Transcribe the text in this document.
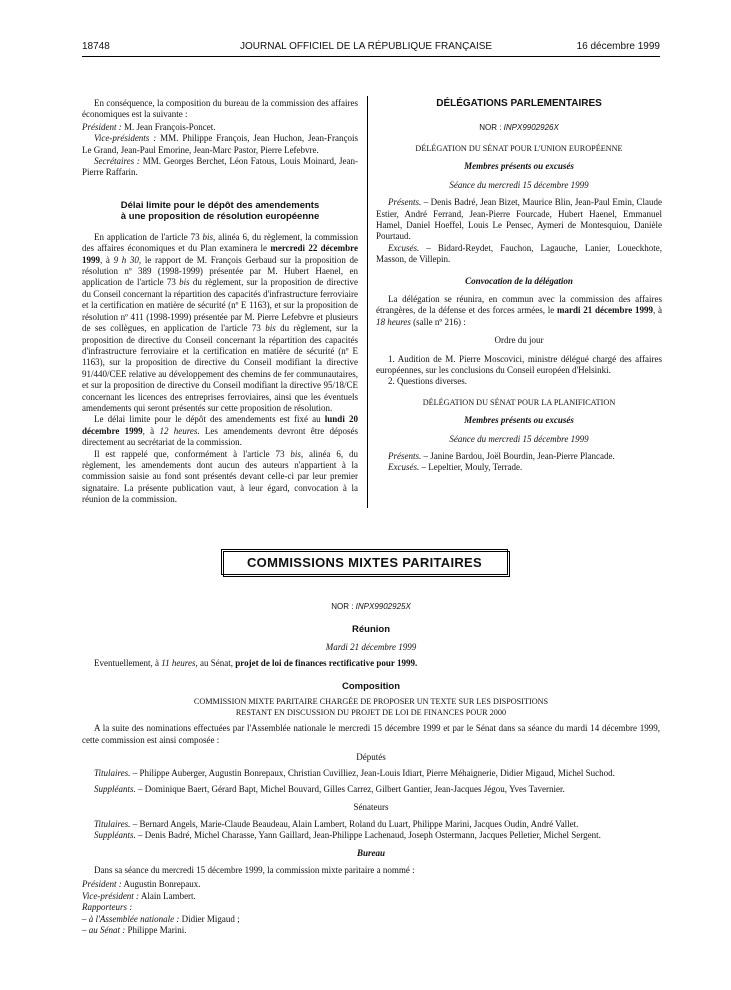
18748	JOURNAL OFFICIEL DE LA RÉPUBLIQUE FRANÇAISE	16 décembre 1999

En conséquence, la composition du bureau de la commission des affaires économiques est la suivante :

Président : M. Jean François-Poncet.

Vice-présidents : MM. Philippe François, Jean Huchon, Jean-François Le Grand, Jean-Paul Emorine, Jean-Marc Pastor, Pierre Lefebvre.

Secrétaires : MM. Georges Berchet, Léon Fatous, Louis Moinard, Jean-Pierre Raffarin.

Délai limite pour le dépôt des amendements
à une proposition de résolution européenne

En application de l'article 73 bis, alinéa 6, du règlement, la commission des affaires économiques et du Plan examinera le mercredi 22 décembre 1999, à 9 h 30, le rapport de M. François Gerbaud sur la proposition de résolution nº 389 (1998-1999) présentée par M. Hubert Haenel, en application de l'article 73 bis du règlement, sur la proposition de directive du Conseil concernant la répartition des capacités d'infrastructure ferroviaire et la certification en matière de sécurité (nº E 1163), et sur la proposition de résolution nº 411 (1998-1999) présentée par M. Pierre Lefebvre et plusieurs de ses collègues, en application de l'article 73 bis du règlement, sur la proposition de directive du Conseil concernant la répartition des capacités d'infrastructure ferroviaire et la certification en matière de sécurité (nº E 1163), sur la proposition de directive du Conseil modifiant la directive 91/440/CEE relative au développement des chemins de fer communautaires, et sur la proposition de directive du Conseil modifiant la directive 95/18/CE concernant les licences des entreprises ferroviaires, ainsi que les éventuels amendements qui seront présentés sur cette proposition de résolution.

Le délai limite pour le dépôt des amendements est fixé au lundi 20 décembre 1999, à 12 heures. Les amendements devront être déposés directement au secrétariat de la commission.

Il est rappelé que, conformément à l'article 73 bis, alinéa 6, du règlement, les amendements dont aucun des auteurs n'appartient à la commission saisie au fond sont présentés devant celle-ci par leur premier signataire. La présente publication vaut, à leur égard, convocation à la réunion de la commission.

DÉLÉGATIONS PARLEMENTAIRES
NOR : INPX9902926X
DÉLÉGATION DU SÉNAT POUR L'UNION EUROPÉENNE
Membres présents ou excusés
Séance du mercredi 15 décembre 1999

Présents. – Denis Badré, Jean Bizet, Maurice Blin, Jean-Paul Emin, Claude Estier, André Ferrand, Jean-Pierre Fourcade, Hubert Haenel, Emmanuel Hamel, Daniel Hoeffel, Louis Le Pensec, Aymeri de Montesquiou, Danièle Pourtaud.

Excusés. – Bidard-Reydet, Fauchon, Lagauche, Lanier, Loueckhote, Masson, de Villepin.

Convocation de la délégation

La délégation se réunira, en commun avec la commission des affaires étrangères, de la défense et des forces armées, le mardi 21 décembre 1999, à 18 heures (salle nº 216) :

Ordre du jour

1. Audition de M. Pierre Moscovici, ministre délégué chargé des affaires européennes, sur les conclusions du Conseil européen d'Helsinki.

2. Questions diverses.

DÉLÉGATION DU SÉNAT POUR LA PLANIFICATION
Membres présents ou excusés
Séance du mercredi 15 décembre 1999

Présents. – Janine Bardou, Joël Bourdin, Jean-Pierre Plancade.

Excusés. – Lepeltier, Mouly, Terrade.

COMMISSIONS MIXTES PARITAIRES
NOR : INPX9902925X
Réunion
Mardi 21 décembre 1999

Eventuellement, à 11 heures, au Sénat, projet de loi de finances rectificative pour 1999.

Composition
COMMISSION MIXTE PARITAIRE CHARGÉE DE PROPOSER UN TEXTE SUR LES DISPOSITIONS
RESTANT EN DISCUSSION DU PROJET DE LOI DE FINANCES POUR 2000

A la suite des nominations effectuées par l'Assemblée nationale le mercredi 15 décembre 1999 et par le Sénat dans sa séance du mardi 14 décembre 1999, cette commission est ainsi composée :

Députés

Titulaires. – Philippe Auberger, Augustin Bonrepaux, Christian Cuvilliez, Jean-Louis Idiart, Pierre Méhaignerie, Didier Migaud, Michel Suchod.

Suppléants. – Dominique Baert, Gérard Bapt, Michel Bouvard, Gilles Carrez, Gilbert Gantier, Jean-Jacques Jégou, Yves Tavernier.

Sénateurs

Titulaires. – Bernard Angels, Marie-Claude Beaudeau, Alain Lambert, Roland du Luart, Philippe Marini, Jacques Oudin, André Vallet.

Suppléants. – Denis Badré, Michel Charasse, Yann Gaillard, Jean-Philippe Lachenaud, Joseph Ostermann, Jacques Pelletier, Michel Sergent.

Bureau

Dans sa séance du mercredi 15 décembre 1999, la commission mixte paritaire a nommé :

Président : Augustin Bonrepaux.

Vice-président : Alain Lambert.

Rapporteurs :

– à l'Assemblée nationale : Didier Migaud ;

– au Sénat : Philippe Marini.
